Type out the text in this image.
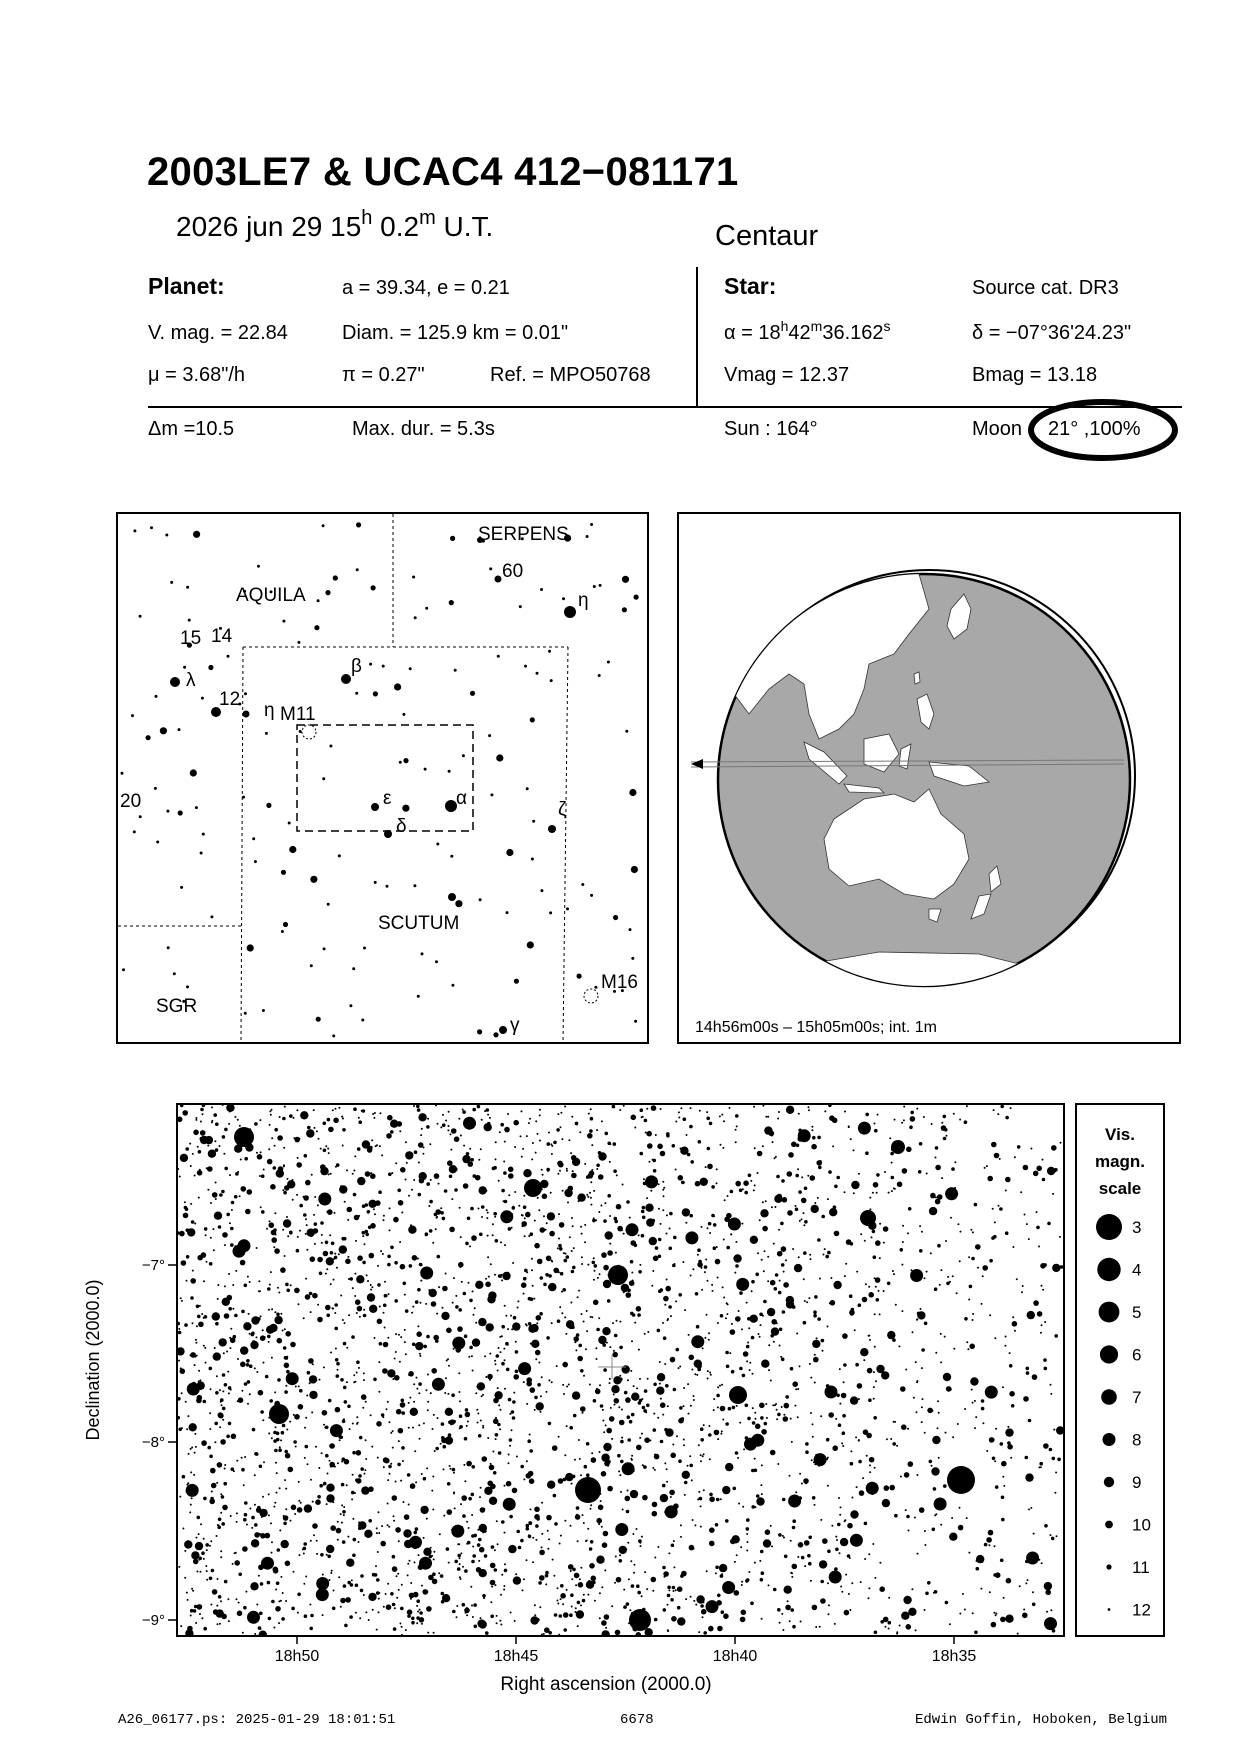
2003LE7 & UCAC4 412−081171
2026 jun 29 15$^h$ 0.2$^m$ U.T.	Centaur
Planet:	a = 39.34, e = 0.21
V. mag. = 22.84	Diam. = 125.9 km = 0.01"
μ = 3.68"/h	π = 0.27"	Ref. = MPO50768
Star:	Source cat. DR3
$\alpha = 18^h42^m36.162^s$	δ = −07°36'24.23"
Vmag = 12.37	Bmag = 13.18
Δm =10.5	Max. dur. = 5.3s	Sun : 164°	Moon 21° ,100%
SERPENS
AQUILA
SCUTUM
SGR
60
15 14
12
20
M11
M16
η
β
λ
η
ε	α
δ
ζ
γ	14h56m00s – 15h05m00s; int. 1m
−7°
−8°
−9°
Declination (2000.0)
18h50	18h45	18h40	18h35
Right ascension (2000.0)
Vis.
magn.
scale
3
4
5
6
7
8
9
10
11
12
A26_06177.ps: 2025-01-29 18:01:51	6678	Edwin Goffin, Hoboken, Belgium
